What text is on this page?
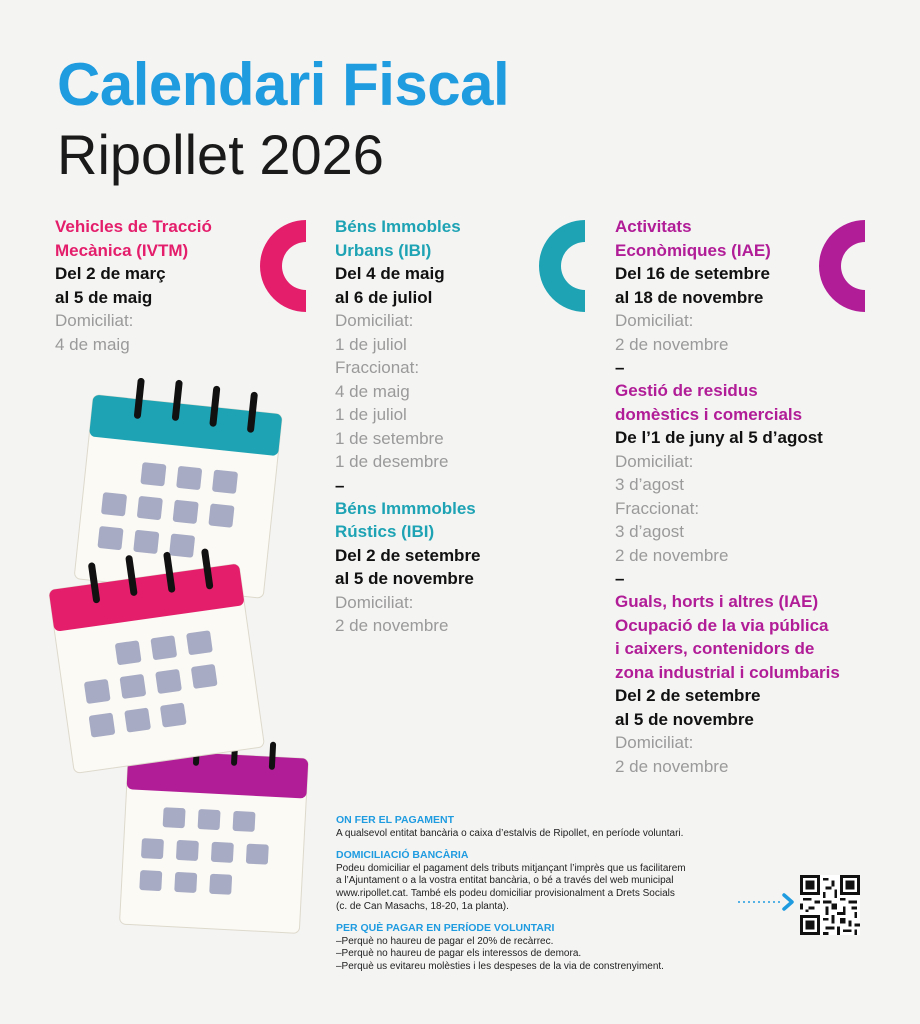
Calendari Fiscal
Ripollet 2026
Vehicles de Tracció
Mecànica (IVTM)
Del 2 de març
al 5 de maig
Domiciliat:
4 de maig
Béns Immobles
Urbans (IBI)
Del 4 de maig
al 6 de juliol
Domiciliat:
1 de juliol
Fraccionat:
4 de maig
1 de juliol
1 de setembre
1 de desembre
–
Béns Immmobles
Rústics (IBI)
Del 2 de setembre
al 5 de novembre
Domiciliat:
2 de novembre
Activitats
Econòmiques (IAE)
Del 16 de setembre
al 18 de novembre
Domiciliat:
2 de novembre
–
Gestió de residus
domèstics i comercials
De l’1 de juny al 5 d’agost
Domiciliat:
3 d’agost
Fraccionat:
3 d’agost
2 de novembre
–
Guals, horts i altres (IAE)
Ocupació de la via pública
i caixers, contenidors de
zona industrial i columbaris
Del 2 de setembre
al 5 de novembre
Domiciliat:
2 de novembre
ON FER EL PAGAMENT
A qualsevol entitat bancària o caixa d’estalvis de Ripollet, en període voluntari.
DOMICILIACIÓ BANCÀRIA
Podeu domiciliar el pagament dels tributs mitjançant l’imprès que us facilitarem
a l’Ajuntament o a la vostra entitat bancària, o bé a través del web municipal
www.ripollet.cat. També els podeu domiciliar provisionalment a Drets Socials
(c. de Can Masachs, 18-20, 1a planta).
PER QUÈ PAGAR EN PERÍODE VOLUNTARI
–Perquè no haureu de pagar el 20% de recàrrec.
–Perquè no haureu de pagar els interessos de demora.
–Perquè us evitareu molèsties i les despeses de la via de constrenyiment.
